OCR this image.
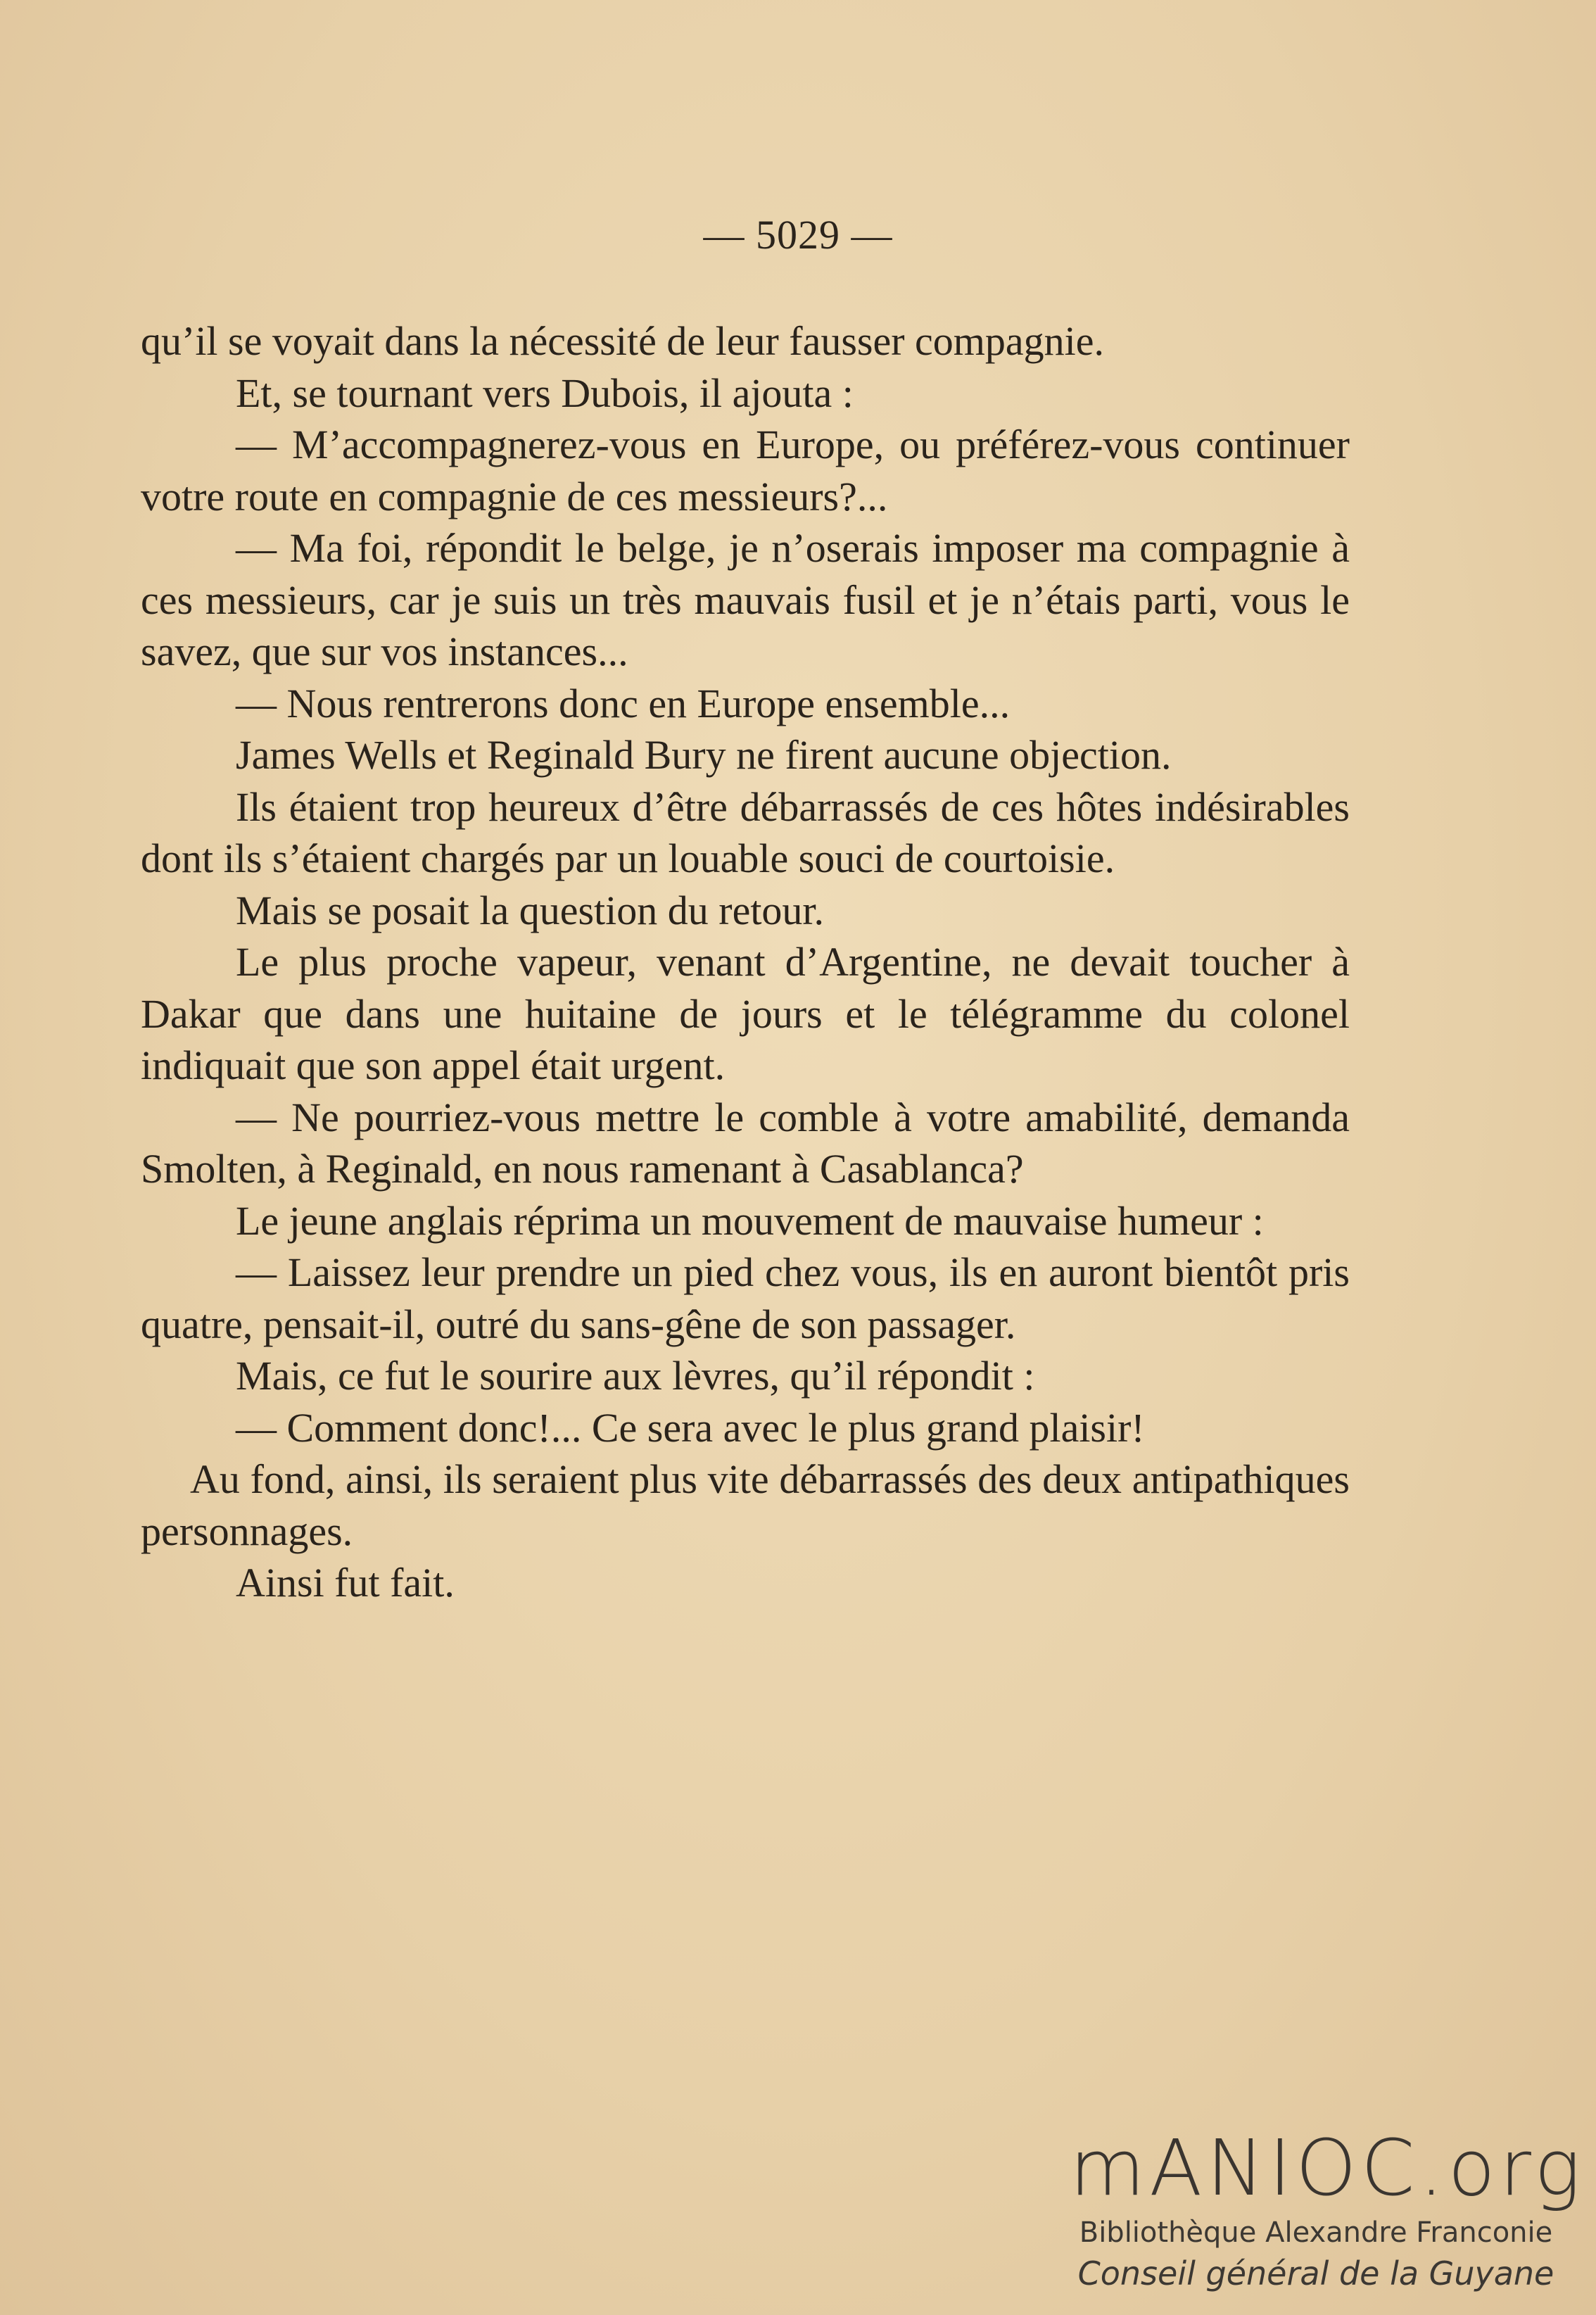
— 5029 —

qu’il se voyait dans la nécessité de leur fausser compagnie.

Et, se tournant vers Dubois, il ajouta :

— M’accompagnerez-vous en Europe, ou préférez-vous continuer votre route en compagnie de ces messieurs?...

— Ma foi, répondit le belge, je n’oserais imposer ma compagnie à ces messieurs, car je suis un très mauvais fusil et je n’étais parti, vous le savez, que sur vos instances...

— Nous rentrerons donc en Europe ensemble...

James Wells et Reginald Bury ne firent aucune objection.

Ils étaient trop heureux d’être débarrassés de ces hôtes indésirables dont ils s’étaient chargés par un louable souci de courtoisie.

Mais se posait la question du retour.

Le plus proche vapeur, venant d’Argentine, ne devait toucher à Dakar que dans une huitaine de jours et le télégramme du colonel indiquait que son appel était urgent.

— Ne pourriez-vous mettre le comble à votre amabilité, demanda Smolten, à Reginald, en nous ramenant à Casablanca?

Le jeune anglais réprima un mouvement de mauvaise humeur :

— Laissez leur prendre un pied chez vous, ils en auront bientôt pris quatre, pensait-il, outré du sans-gêne de son passager.

Mais, ce fut le sourire aux lèvres, qu’il répondit :

— Comment donc!... Ce sera avec le plus grand plaisir!

Au fond, ainsi, ils seraient plus vite débarrassés des deux antipathiques personnages.

Ainsi fut fait.

mANIOC.org
Bibliothèque Alexandre Franconie
Conseil général de la Guyane
